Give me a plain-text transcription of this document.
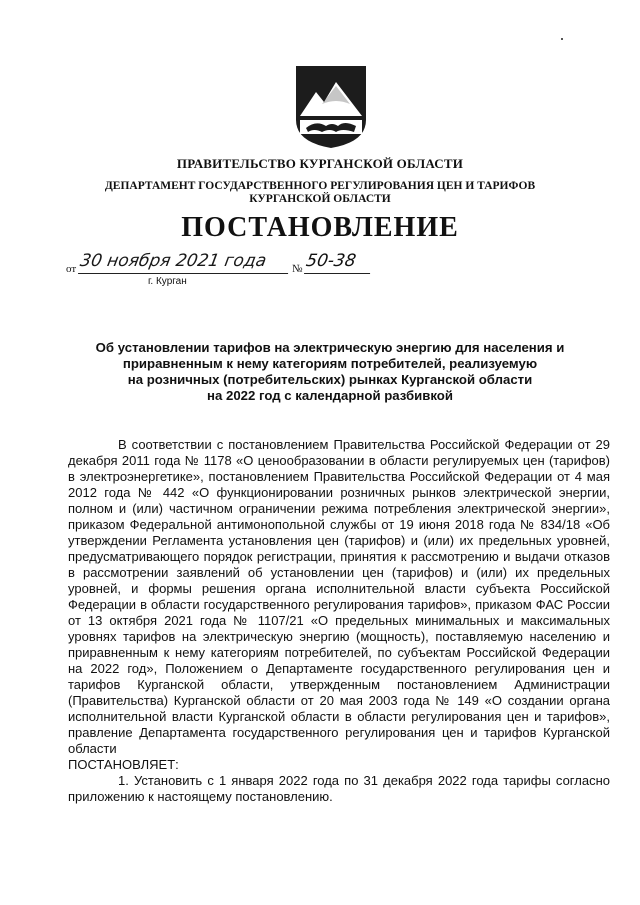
ПРАВИТЕЛЬСТВО КУРГАНСКОЙ ОБЛАСТИ
ДЕПАРТАМЕНТ ГОСУДАРСТВЕННОГО РЕГУЛИРОВАНИЯ ЦЕН И ТАРИФОВ
КУРГАНСКОЙ ОБЛАСТИ
ПОСТАНОВЛЕНИЕ
от 30 ноября 2021 года	№ 50-38
г. Курган
Об установлении тарифов на электрическую энергию для населения и
приравненным к нему категориям потребителей, реализуемую
на розничных (потребительских) рынках Курганской области
на 2022 год с календарной разбивкой

В соответствии с постановлением Правительства Российской Федерации от 29 декабря 2011 года № 1178 «О ценообразовании в области регулируемых цен (тарифов) в электроэнергетике», постановлением Правительства Российской Федерации от 4 мая 2012 года № 442 «О функционировании розничных рынков электрической энергии, полном и (или) частичном ограничении режима потребления электрической энергии», приказом Федеральной антимонопольной службы от 19 июня 2018 года № 834/18 «Об утверждении Регламента установления цен (тарифов) и (или) их предельных уровней, предусматривающего порядок регистрации, принятия к рассмотрению и выдачи отказов в рассмотрении заявлений об установлении цен (тарифов) и (или) их предельных уровней, и формы решения органа исполнительной власти субъекта Российской Федерации в области государственного регулирования тарифов», приказом ФАС России от 13 октября 2021 года № 1107/21 «О предельных минимальных и максимальных уровнях тарифов на электрическую энергию (мощность), поставляемую населению и приравненным к нему категориям потребителей, по субъектам Российской Федерации на 2022 год», Положением о Департаменте государственного регулирования цен и тарифов Курганской области, утвержденным постановлением Администрации (Правительства) Курганской области от 20 мая 2003 года № 149 «О создании органа исполнительной власти Курганской области в области регулирования цен и тарифов», правление Департамента государственного регулирования цен и тарифов Курганской области

ПОСТАНОВЛЯЕТ:

1. Установить с 1 января 2022 года по 31 декабря 2022 года тарифы согласно приложению к настоящему постановлению.
